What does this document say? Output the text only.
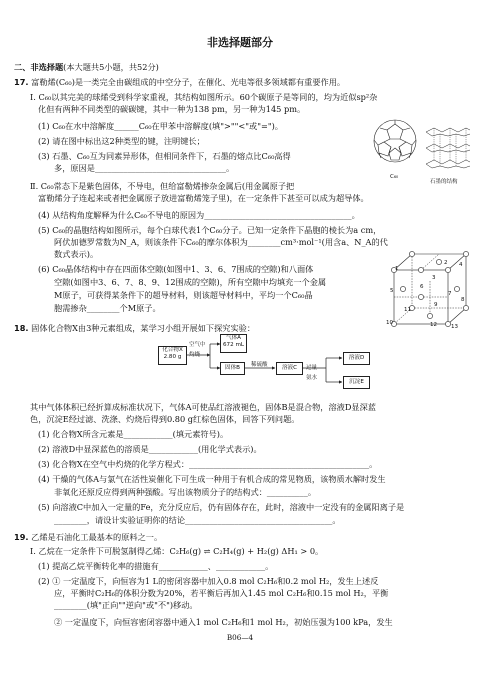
非选择题部分
二、非选择题(本大题共5小题，共52分)
17. 富勒烯(C₆₀)是一类完全由碳组成的中空分子，在催化、光电等很多领域都有重要作用。
Ⅰ. C₆₀以其完美的球烯受到科学家重视，其结构如图所示。60个碳原子是等同的，均为近似sp²杂
化但有两种不同类型的碳碳键，其中一种为138 pm，另一种为145 pm。
(1) C₆₀在水中溶解度______C₆₀在甲苯中溶解度(填">""<"或"=")。
(2) 请在图中标出这2种类型的键，注明键长；
(3) 石墨、C₆₀互为同素异形体，但相同条件下，石墨的熔点比C₆₀高得
多，原因是________________________________。
C₆₀
石墨的结构
Ⅱ. C₆₀常态下是紫色固体，不导电，但给富勒烯掺杂金属后(用金属原子把
富勒烯分子连起来或者把金属原子放进富勒烯笼子里)，在一定条件下甚至可以成为超导体。
(4) 从结构角度解释为什么C₆₀不导电的原因为____________________________________。
(5) C₆₀的晶胞结构如图所示，每个白球代表1个C₆₀分子。已知一定条件下晶胞的棱长为a cm，
阿伏加德罗常数为N_A，则该条件下C₆₀的摩尔体积为________cm³·mol⁻¹(用含a、N_A的代
数式表示)。
(6) C₆₀晶体结构中存在四面体空隙(如图中1、3、6、7围成的空隙)和八面体
空隙(如图中3、6、7、8、9、12围成的空隙)，所有空隙中均填充一个金属
M原子，可获得某条件下的超导材料，则该超导材料中，平均一个C₆₀晶
胞需掺杂________个M原子。
1
2
3
4
5
6
7
8
9
10
11
12	13
18. 固体化合物X由3种元素组成，某学习小组开展如下探究实验：
化合物X
2.80 g
空气中
灼烧
气体A
672 mL
固体B	稀硫酸	溶液C	过量
氨水
溶液D
沉淀E
其中气体体积已经折算成标准状况下，气体A可使品红溶液褪色，固体B是混合物，溶液D显深蓝
色，沉淀E经过滤、洗涤、灼烧后得到0.80 g红棕色固体，回答下列问题。
(1) 化合物X所含元素是____________(填元素符号)。
(2) 溶液D中显深蓝色的溶质是____________(用化学式表示)。
(3) 化合物X在空气中灼烧的化学方程式：____________________________________________。
(4) 干燥的气体A与氯气在活性炭催化下可生成一种用于有机合成的常见物质，该物质水解时发生
非氧化还原反应得到两种强酸。写出该物质分子的结构式：__________。
(5) 向溶液C中加入一定量的Fe，充分反应后，仍有固体存在，此时，溶液中一定没有的金属阳离子是
________，请设计实验证明你的结论____________________________________。
19. 乙烯是石油化工最基本的原料之一。
Ⅰ. 乙烷在一定条件下可脱氢制得乙烯：C₂H₆(g) ⇌ C₂H₄(g) + H₂(g) ΔH₁ > 0。
(1) 提高乙烷平衡转化率的措施有____________、____________。
(2) ① 一定温度下，向恒容为1 L的密闭容器中加入0.8 mol C₂H₆和0.2 mol H₂，发生上述反
应，平衡时C₂H₆的体积分数为20%，若平衡后再加入1.45 mol C₂H₆和0.15 mol H₂，平衡
________(填"正向""逆向"或"不")移动。
② 一定温度下，向恒容密闭容器中通入1 mol C₂H₆和1 mol H₂，初始压强为100 kPa，发生
B06—4
